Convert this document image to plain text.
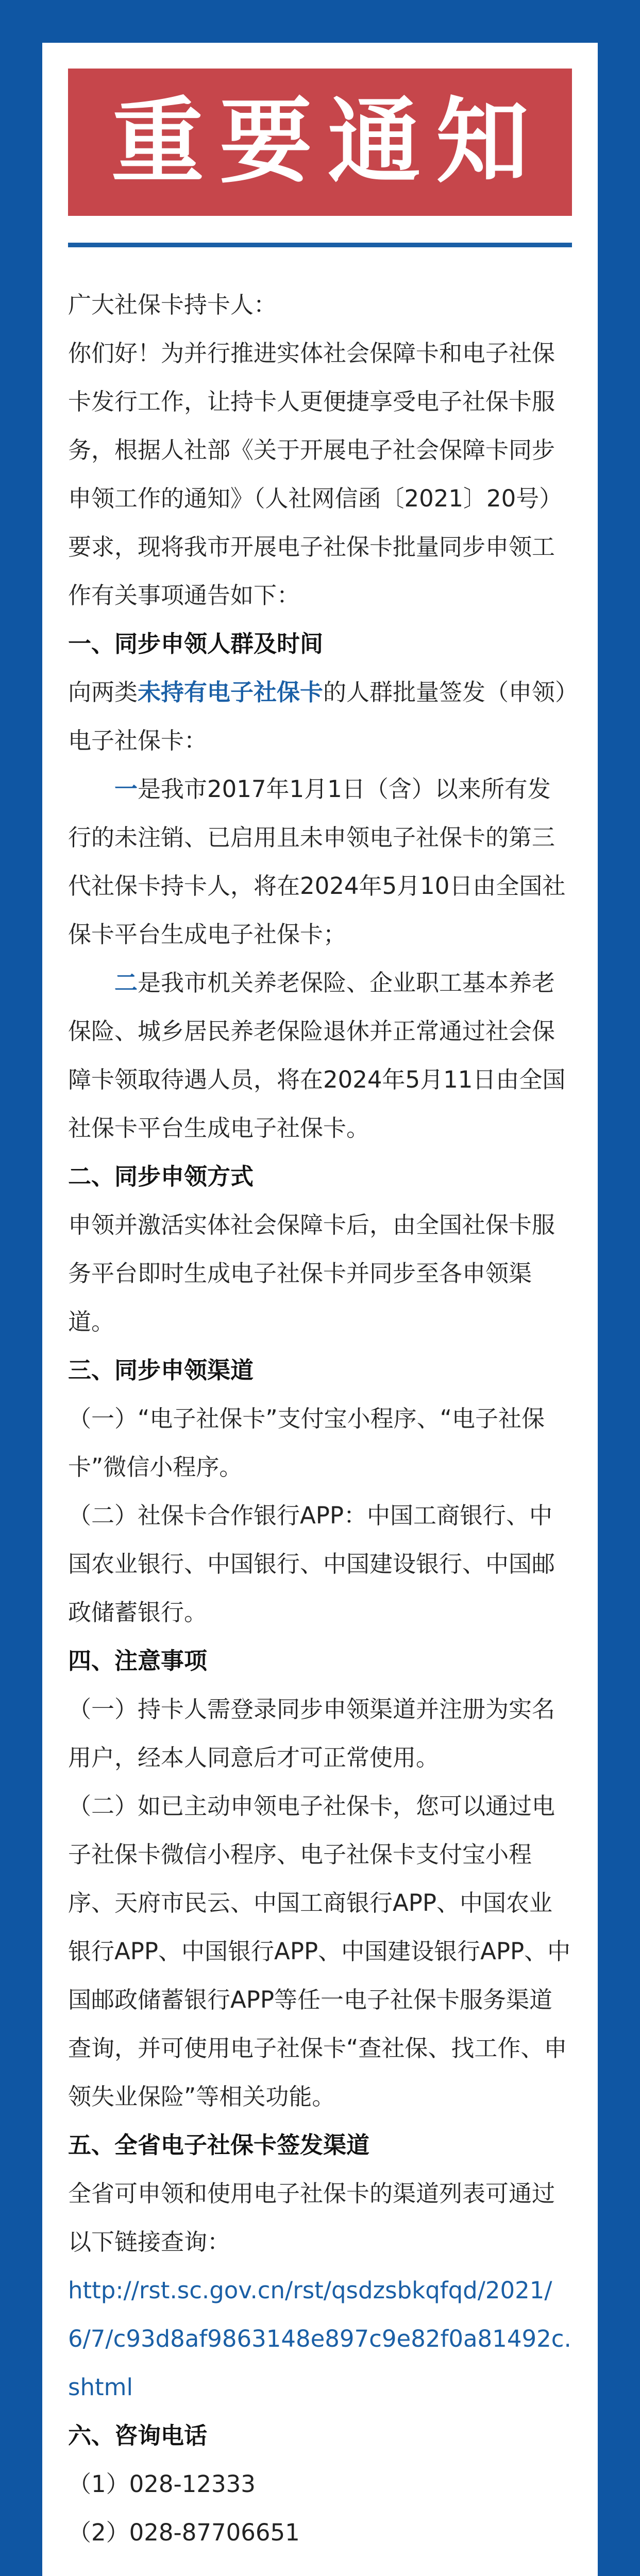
重要通知

广大社保卡持卡人：

你们好！为并行推进实体社会保障卡和电子社保卡发行工作，让持卡人更便捷享受电子社保卡服务，根据人社部《关于开展电子社会保障卡同步申领工作的通知》（人社网信函〔2021〕20号）要求，现将我市开展电子社保卡批量同步申领工作有关事项通告如下：

一、同步申领人群及时间

向两类未持有电子社保卡的人群批量签发（申领）电子社保卡：

一是我市2017年1月1日（含）以来所有发行的未注销、已启用且未申领电子社保卡的第三代社保卡持卡人，将在2024年5月10日由全国社保卡平台生成电子社保卡；

二是我市机关养老保险、企业职工基本养老保险、城乡居民养老保险退休并正常通过社会保障卡领取待遇人员，将在2024年5月11日由全国社保卡平台生成电子社保卡。

二、同步申领方式

申领并激活实体社会保障卡后，由全国社保卡服务平台即时生成电子社保卡并同步至各申领渠道。

三、同步申领渠道

（一）“电子社保卡”支付宝小程序、“电子社保卡”微信小程序。

（二）社保卡合作银行APP：中国工商银行、中国农业银行、中国银行、中国建设银行、中国邮政储蓄银行。

四、注意事项

（一）持卡人需登录同步申领渠道并注册为实名用户，经本人同意后才可正常使用。

（二）如已主动申领电子社保卡，您可以通过电子社保卡微信小程序、电子社保卡支付宝小程序、天府市民云、中国工商银行APP、中国农业银行APP、中国银行APP、中国建设银行APP、中国邮政储蓄银行APP等任一电子社保卡服务渠道查询，并可使用电子社保卡“查社保、找工作、申领失业保险”等相关功能。

五、全省电子社保卡签发渠道

全省可申领和使用电子社保卡的渠道列表可通过以下链接查询：

http://rst.sc.gov.cn/rst/qsdzsbkqfqd/2021/6/7/c93d8af9863148e897c9e82f0a81492c.shtml

六、咨询电话

（1）028-12333

（2）028-87706651
